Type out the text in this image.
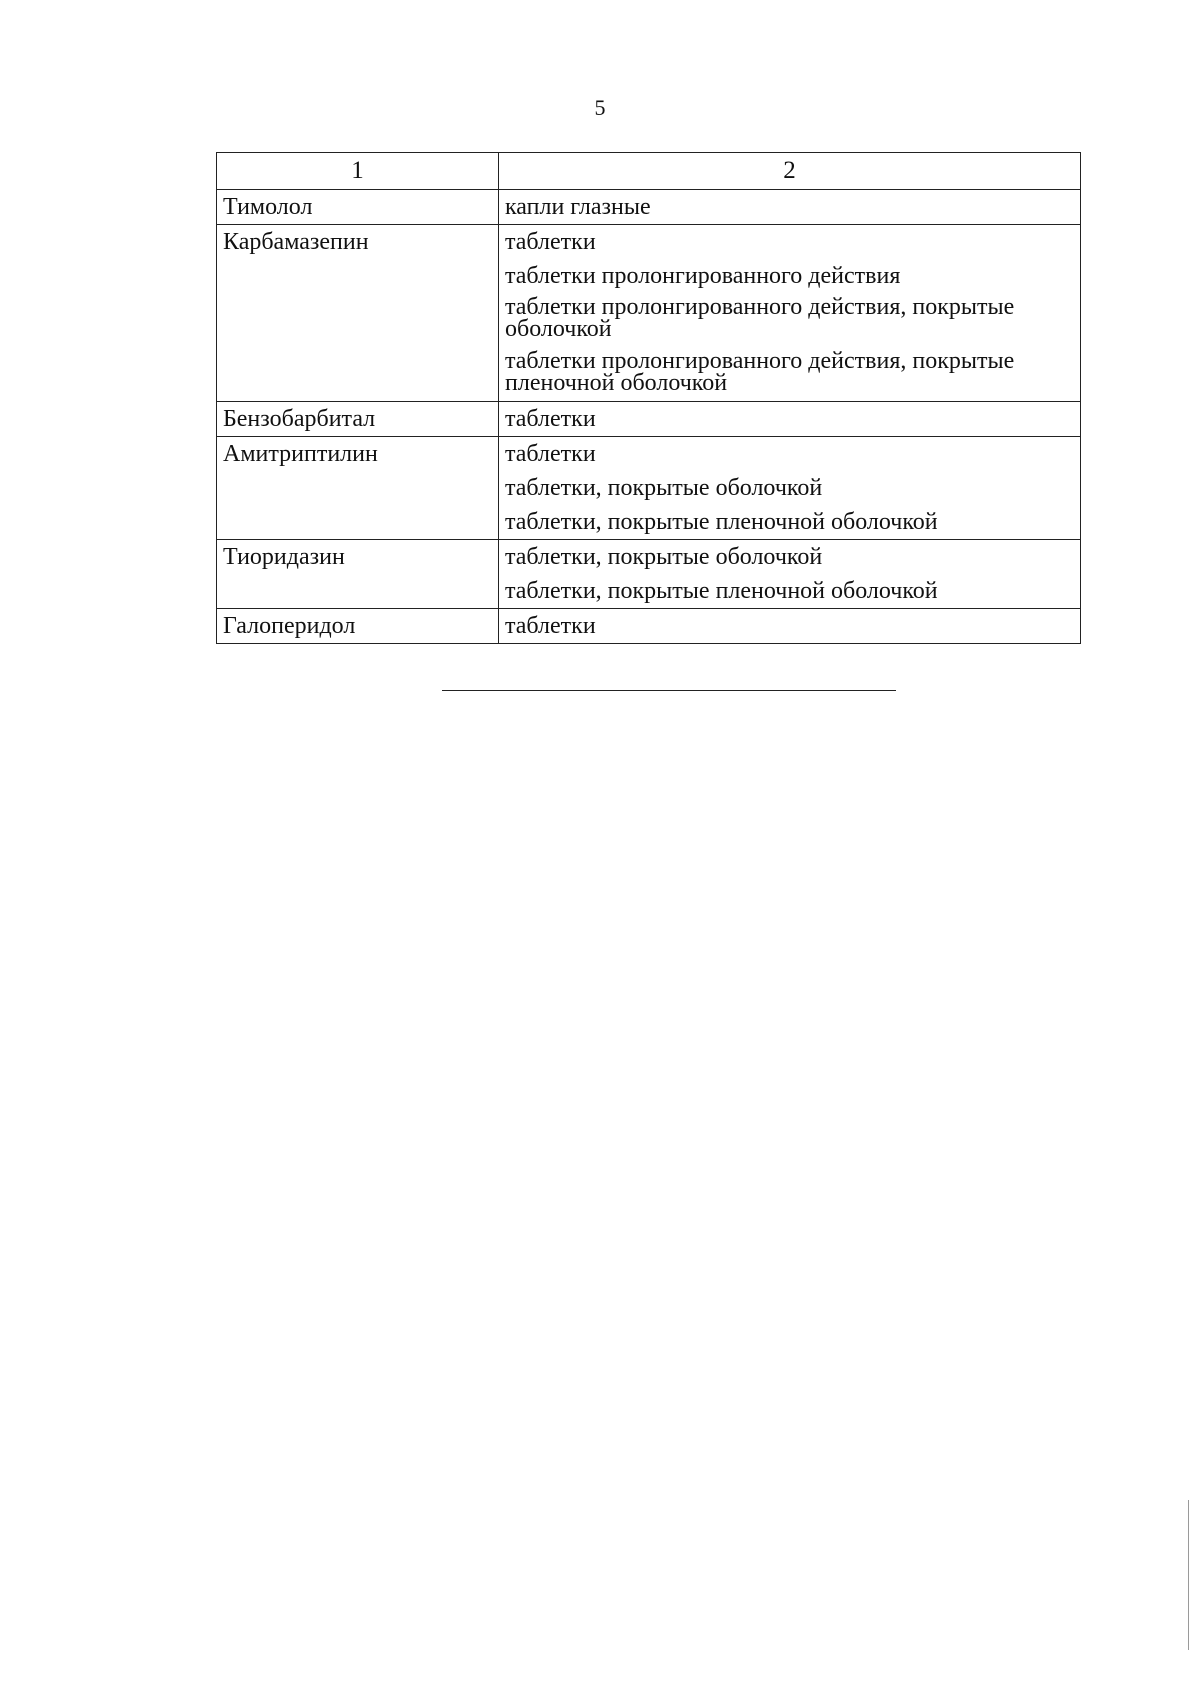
5
1	2
Тимолол	капли глазные

Карбамазепин	таблетки
таблетки пролонгированного действия
таблетки пролонгированного действия, покрытые оболочкой
таблетки пролонгированного действия, покрытые пленочной оболочкой

Бензобарбитал	таблетки

Амитриптилин	таблетки
таблетки, покрытые оболочкой
таблетки, покрытые пленочной оболочкой

Тиоридазин	таблетки, покрытые оболочкой
таблетки, покрытые пленочной оболочкой

Галоперидол	таблетки
